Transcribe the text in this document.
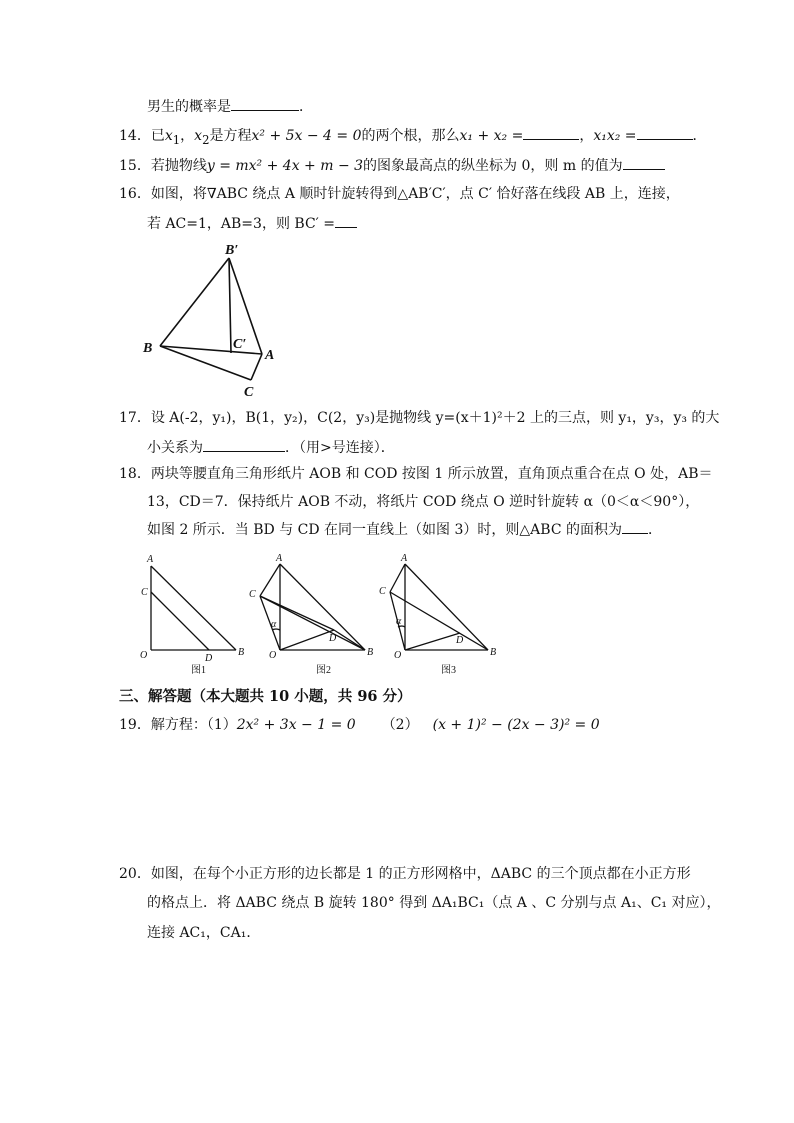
男生的概率是	．
14．已$x_1$，$x_2$是方程x² + 5x − 4 = 0的两个根，那么x₁ + x₂ =	，x₁x₂ =	．
15．若抛物线y = mx² + 4x + m − 3的图象最高点的纵坐标为 0，则 m 的值为
16．如图，将∇ABC 绕点 A 顺时针旋转得到△AB′C′，点 C′ 恰好落在线段 AB 上，连接，
若 AC=1，AB=3，则 BC′ =
B′
B	C′
A
C
17．设 A(-2，y₁)，B(1，y₂)，C(2，y₃)是抛物线 y=(x＋1)²＋2 上的三点，则 y₁，y₃，y₃ 的大
小关系为	．（用>号连接）．
18．两块等腰直角三角形纸片 AOB 和 COD 按图 1 所示放置，直角顶点重合在点 O 处，AB＝
13，CD＝7．保持纸片 AOB 不动，将纸片 COD 绕点 O 逆时针旋转 α（0＜α＜90°），
如图 2 所示．当 BD 与 CD 在同一直线上（如图 3）时，则△ABC 的面积为 ．
A
C
O	D
B
图1
A
C
O
D
B
α
图2
A
C
O
D
B
α
图3
三、解答题（本大题共 10 小题，共 96 分）
19．解方程：（1）2x² + 3x − 1 = 0 （2） (x + 1)² − (2x − 3)² = 0
20．如图，在每个小正方形的边长都是 1 的正方形网格中，ΔABC 的三个顶点都在小正方形
的格点上．将 ΔABC 绕点 B 旋转 180° 得到 ΔA₁BC₁（点 A 、C 分别与点 A₁、C₁ 对应），
连接 AC₁，CA₁．
